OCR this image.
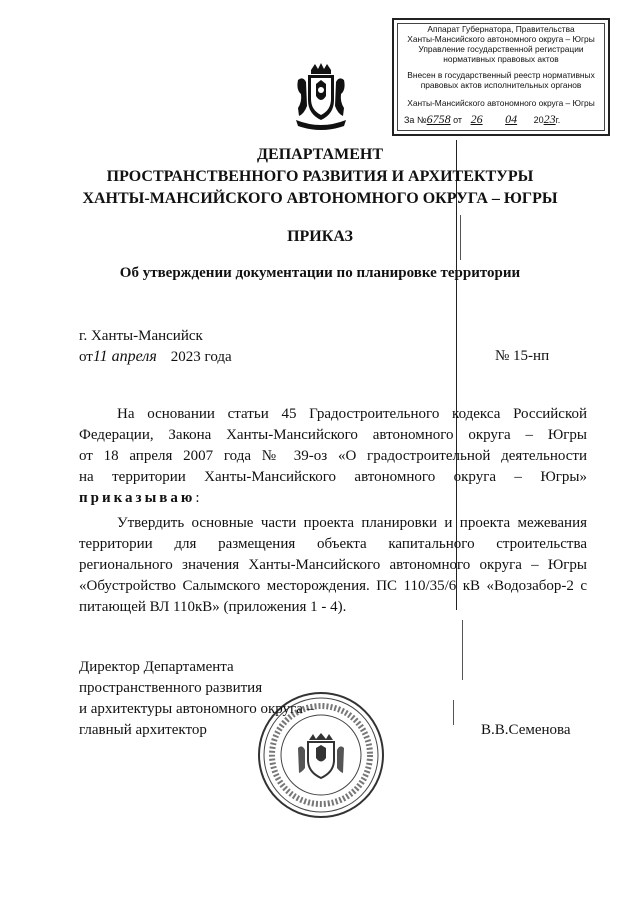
Аппарат Губернатора, Правительства
Ханты-Мансийского автономного округа – Югры
Управление государственной регистрации
нормативных правовых актов
Внесен в государственный реестр нормативных
правовых актов исполнительных органов
Ханты-Мансийского автономного округа – Югры
За №6758 от 26 04 2023г.
ДЕПАРТАМЕНТ
ПРОСТРАНСТВЕННОГО РАЗВИТИЯ И АРХИТЕКТУРЫ
ХАНТЫ-МАНСИЙСКОГО АВТОНОМНОГО ОКРУГА – ЮГРЫ
ПРИКАЗ
Об утверждении документации по планировке территории
г. Ханты-Мансийск
от11 апреля 2023 года	№ 15-нп
На основании статьи 45 Градостроительного кодекса Российской
Федерации, Закона Ханты-Мансийского автономного округа – Югры
от 18 апреля 2007 года № 39-оз «О градостроительной деятельности
на территории Ханты-Мансийского автономного округа – Югры»
приказываю:
Утвердить основные части проекта планировки и проекта межевания
территории для размещения объекта капитального строительства
регионального значения Ханты-Мансийского автономного округа – Югры
«Обустройство Салымского месторождения. ПС 110/35/6 кВ «Водозабор-2 с
питающей ВЛ 110кВ» (приложения 1 - 4).
Директор Департамента
пространственного развития
и архитектуры автономного округа –
главный архитектор	В.В.Семенова
